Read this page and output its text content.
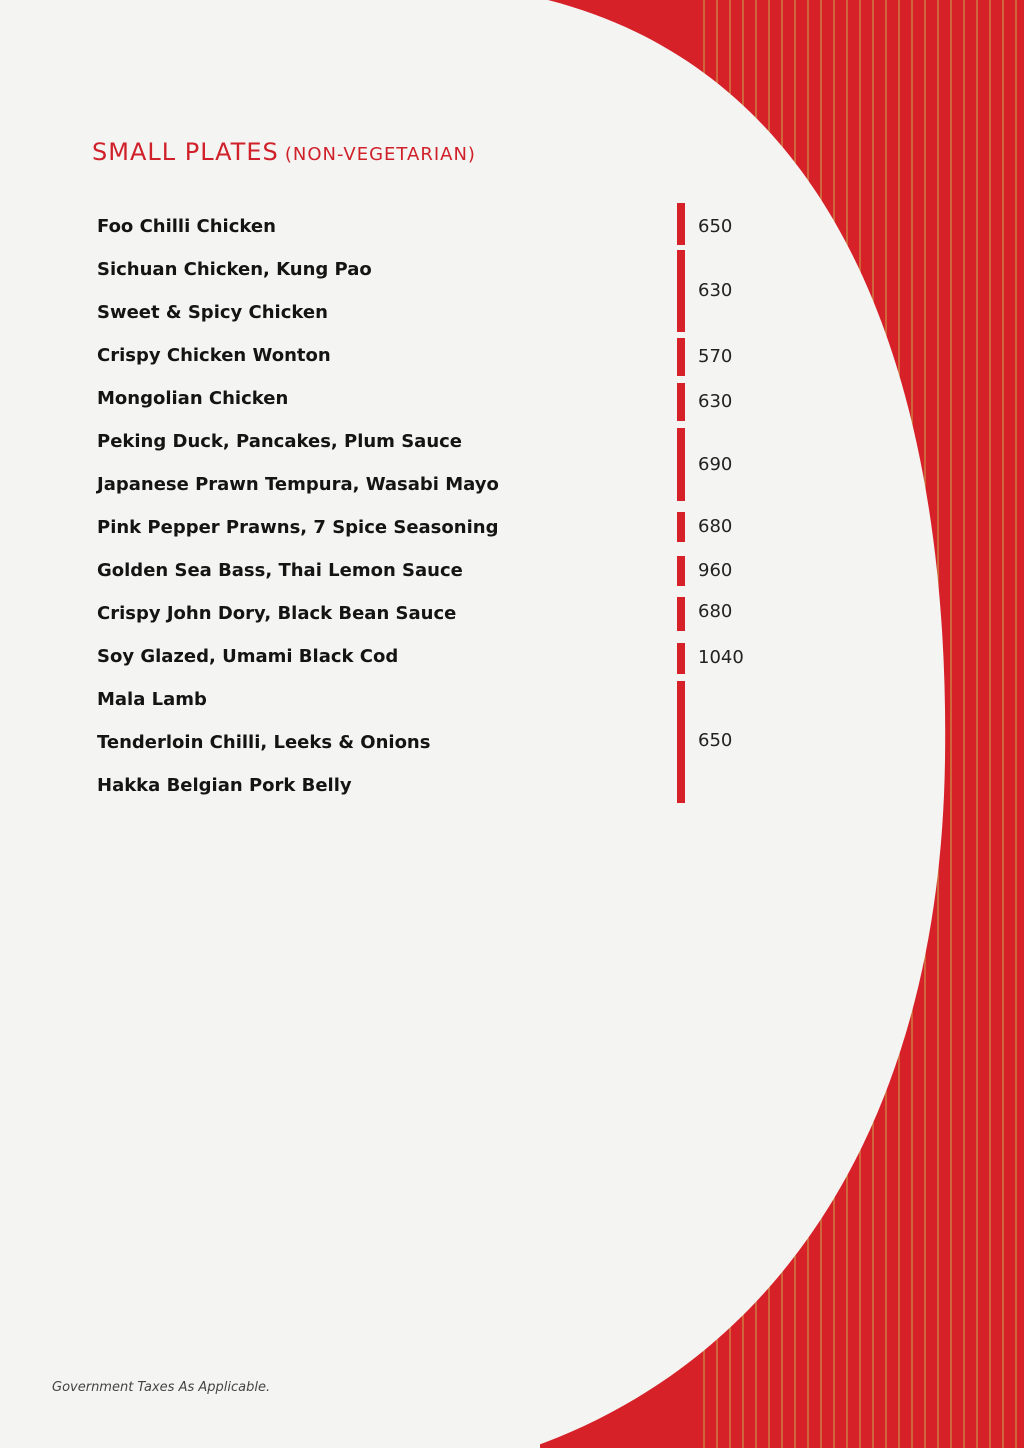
SMALL PLATES (NON-VEGETARIAN)
Foo Chilli Chicken
Sichuan Chicken, Kung Pao
Sweet & Spicy Chicken
Crispy Chicken Wonton
Mongolian Chicken
Peking Duck, Pancakes, Plum Sauce
Japanese Prawn Tempura, Wasabi Mayo
Pink Pepper Prawns, 7 Spice Seasoning
Golden Sea Bass, Thai Lemon Sauce
Crispy John Dory, Black Bean Sauce
Soy Glazed, Umami Black Cod
Mala Lamb
Tenderloin Chilli, Leeks & Onions
Hakka Belgian Pork Belly
650
630
570
630
690
680
960
680
1040
650
Government Taxes As Applicable.
